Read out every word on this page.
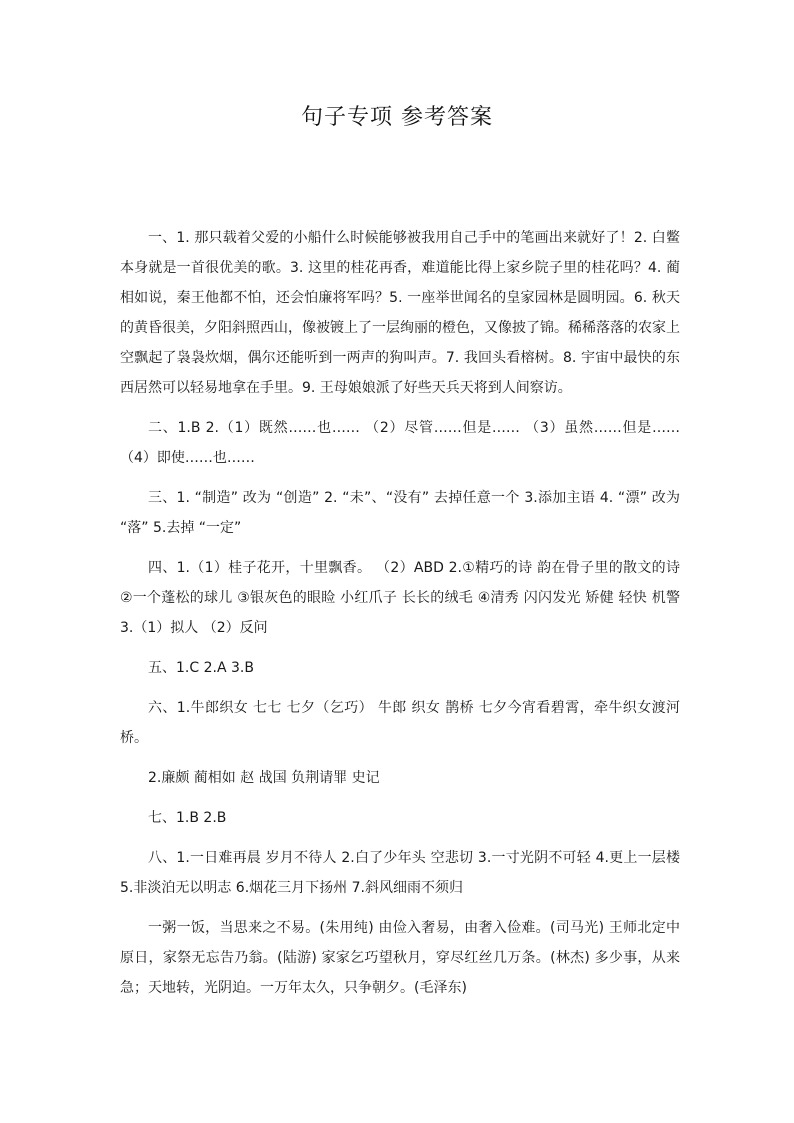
句子专项 参考答案

一、1. 那只载着父爱的小船什么时候能够被我用自己手中的笔画出来就好了！2. 白鳖本身就是一首很优美的歌。3. 这里的桂花再香，难道能比得上家乡院子里的桂花吗？4. 蔺相如说，秦王他都不怕，还会怕廉将军吗？5. 一座举世闻名的皇家园林是圆明园。6. 秋天的黄昏很美，夕阳斜照西山，像被镀上了一层绚丽的橙色，又像披了锦。稀稀落落的农家上空飘起了袅袅炊烟，偶尔还能听到一两声的狗叫声。7. 我回头看榕树。8. 宇宙中最快的东西居然可以轻易地拿在手里。9. 王母娘娘派了好些天兵天将到人间察访。

二、1.B 2.（1）既然……也…… （2）尽管……但是…… （3）虽然……但是……（4）即使……也……

三、1. “制造” 改为 “创造” 2. “未”、“没有” 去掉任意一个 3.添加主语 4. “漂” 改为 “落” 5.去掉 “一定”

四、1.（1）桂子花开，十里飘香。 （2）ABD 2.①精巧的诗 韵在骨子里的散文的诗②一个蓬松的球儿 ③银灰色的眼睑 小红爪子 长长的绒毛 ④清秀 闪闪发光 矫健 轻快 机警 3.（1）拟人 （2）反问

五、1.C 2.A 3.B

六、1.牛郎织女 七七 七夕（乞巧） 牛郎 织女 鹊桥 七夕今宵看碧霄，牵牛织女渡河桥。

2.廉颇 蔺相如 赵 战国 负荆请罪 史记

七、1.B 2.B

八、1.一日难再晨 岁月不待人 2.白了少年头 空悲切 3.一寸光阴不可轻 4.更上一层楼 5.非淡泊无以明志 6.烟花三月下扬州 7.斜风细雨不须归

一粥一饭，当思来之不易。(朱用纯) 由俭入奢易，由奢入俭难。(司马光) 王师北定中原日，家祭无忘告乃翁。(陆游) 家家乞巧望秋月，穿尽红丝几万条。(林杰) 多少事，从来急；天地转，光阴迫。一万年太久，只争朝夕。(毛泽东)
